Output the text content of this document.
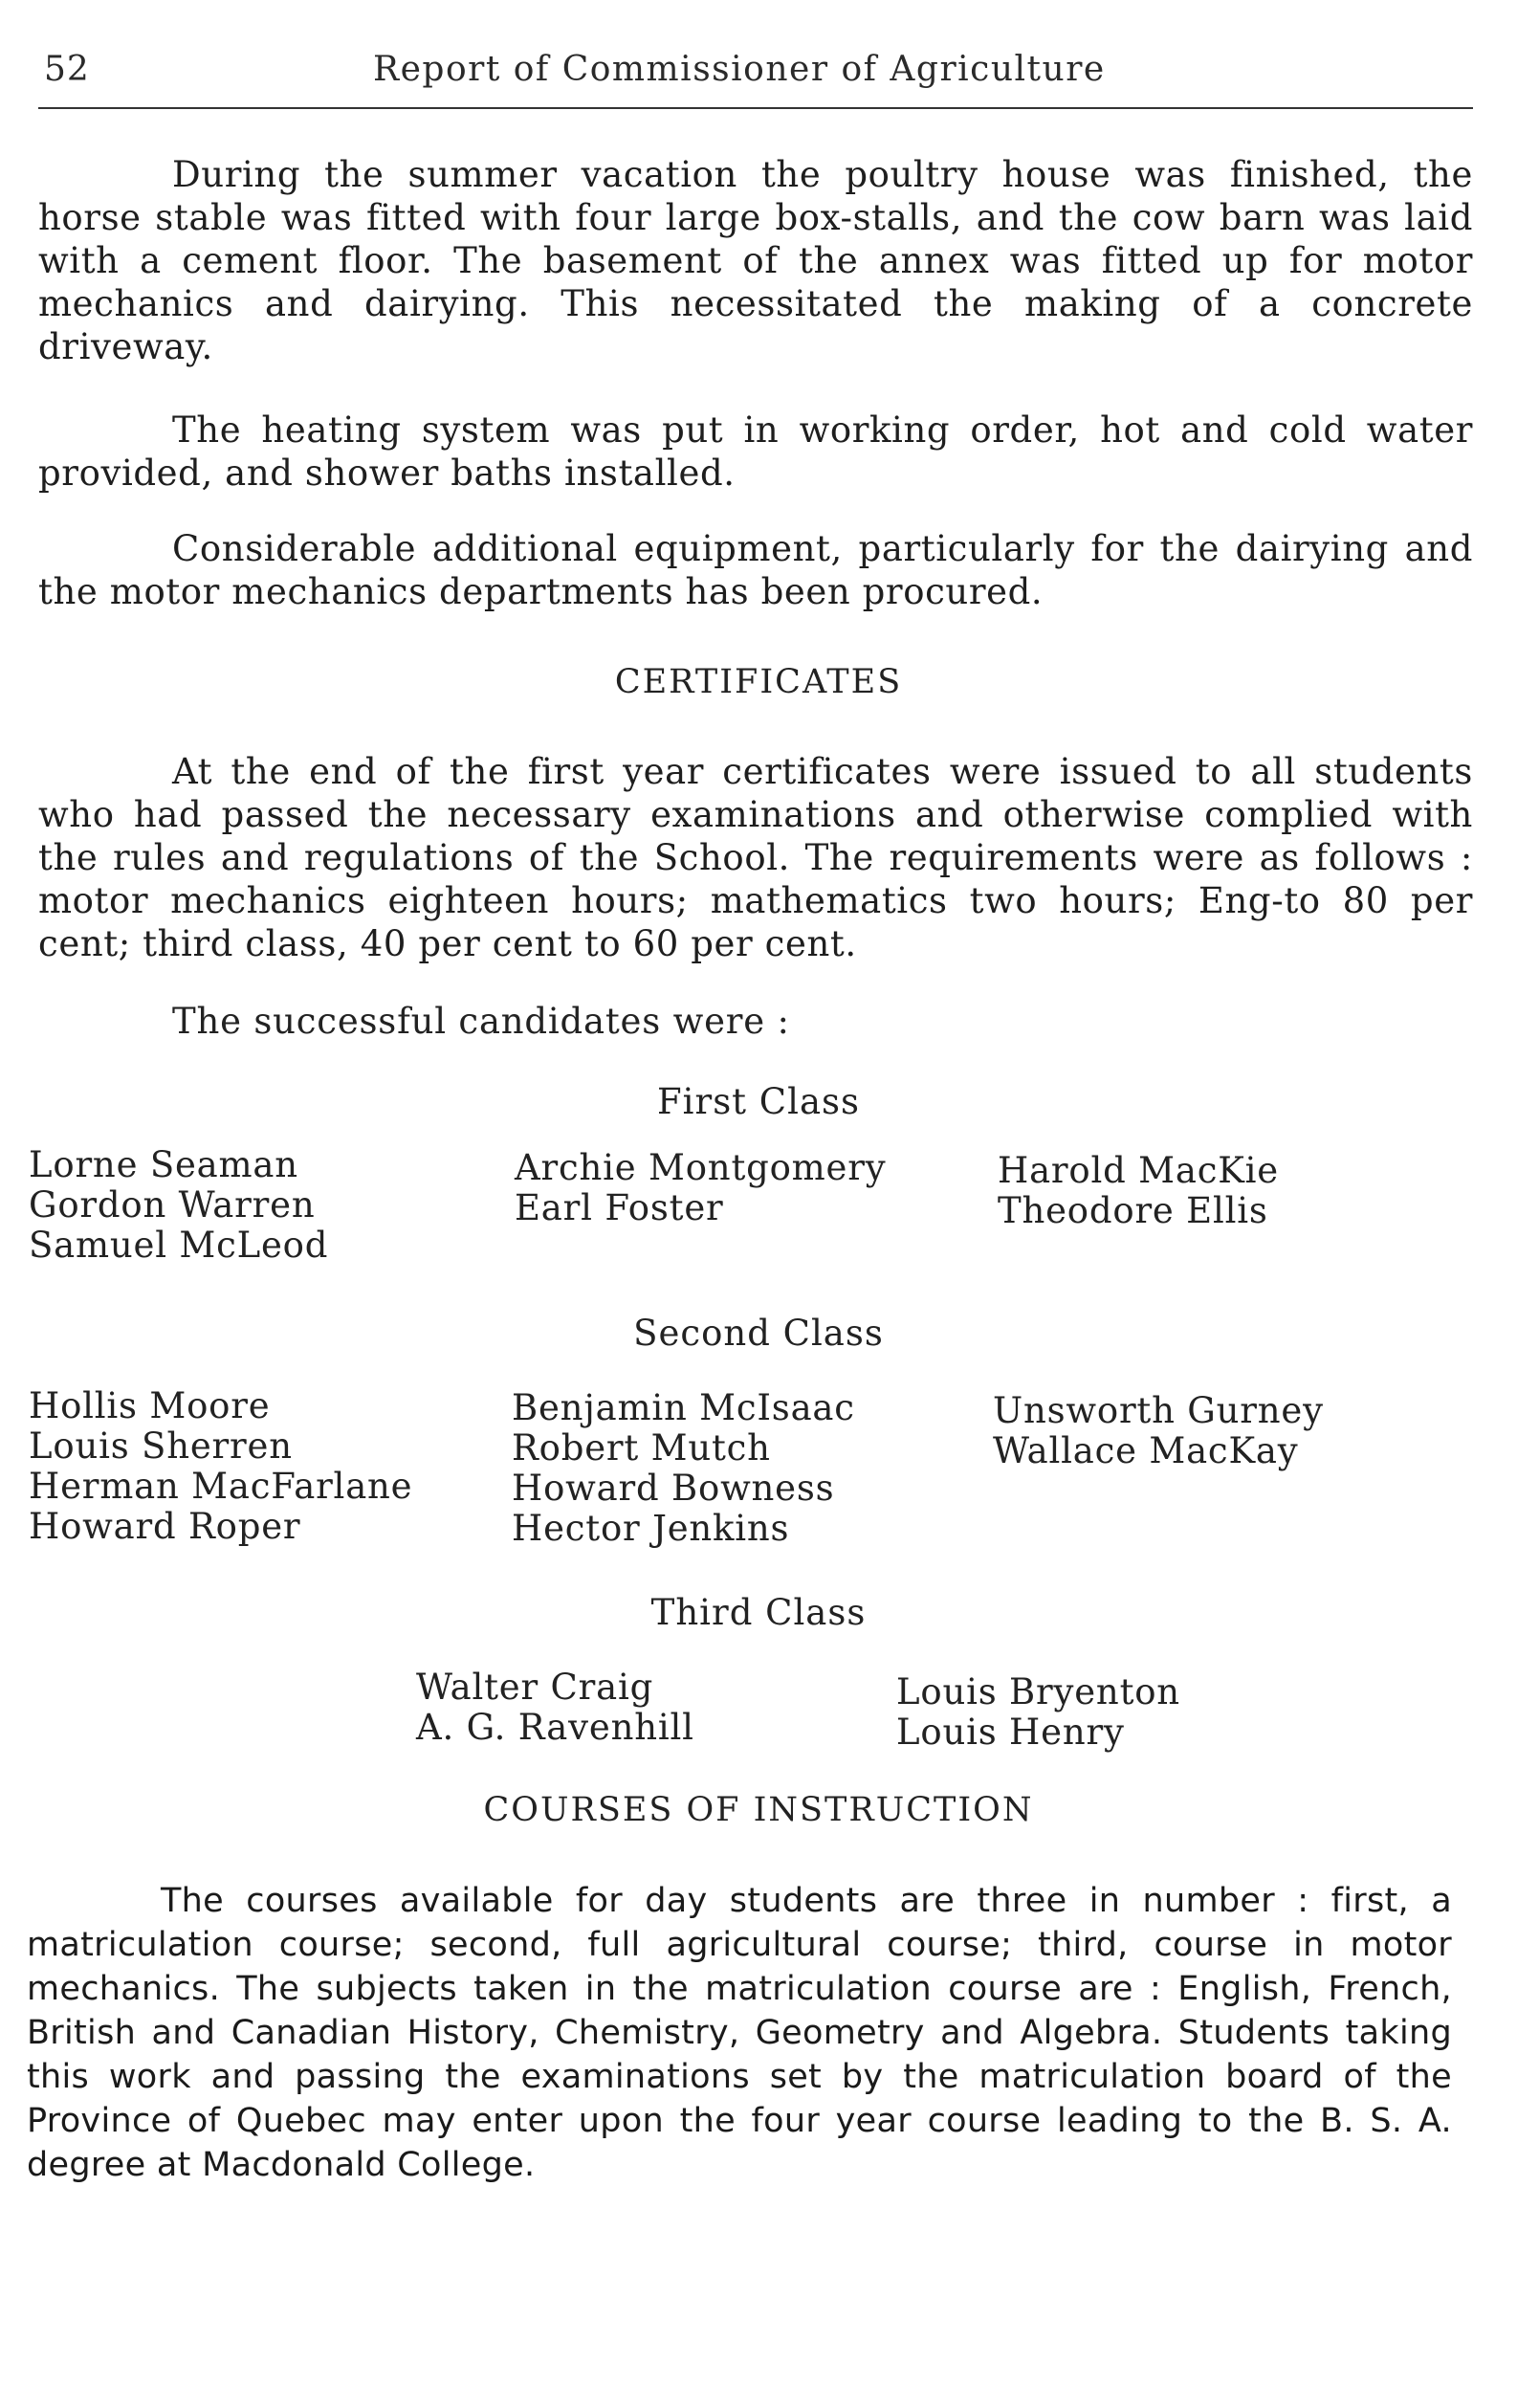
52	Report of Commissioner of Agriculture
During the summer vacation the poultry house was finished, the horse stable was fitted with four large box-stalls, and the cow barn was laid with a cement floor. The basement of the annex was fitted up for motor mechanics and dairying. This necessitated the making of a concrete driveway.
The heating system was put in working order, hot and cold water provided, and shower baths installed.
Considerable additional equipment, particularly for the dairying and the motor mechanics departments has been procured.
CERTIFICATES
At the end of the first year certificates were issued to all students who had passed the necessary examinations and otherwise complied with the rules and regulations of the School. The requirements were as follows : motor mechanics eighteen hours; mathematics two hours; Eng-to 80 per cent; third class, 40 per cent to 60 per cent.
The successful candidates were :
First Class
Lorne Seaman
Gordon Warren
Samuel McLeod
Archie Montgomery
Earl Foster
Harold MacKie
Theodore Ellis
Second Class
Hollis Moore
Louis Sherren
Herman MacFarlane
Howard Roper
Benjamin McIsaac
Robert Mutch
Howard Bowness
Hector Jenkins
Unsworth Gurney
Wallace MacKay
Third Class
Walter Craig
A. G. Ravenhill
Louis Bryenton
Louis Henry
COURSES OF INSTRUCTION
The courses available for day students are three in number : first, a matriculation course; second, full agricultural course; third, course in motor mechanics. The subjects taken in the matriculation course are : English, French, British and Canadian History, Chemistry, Geometry and Algebra. Students taking this work and passing the examinations set by the matriculation board of the Province of Quebec may enter upon the four year course leading to the B. S. A. degree at Macdonald College.
